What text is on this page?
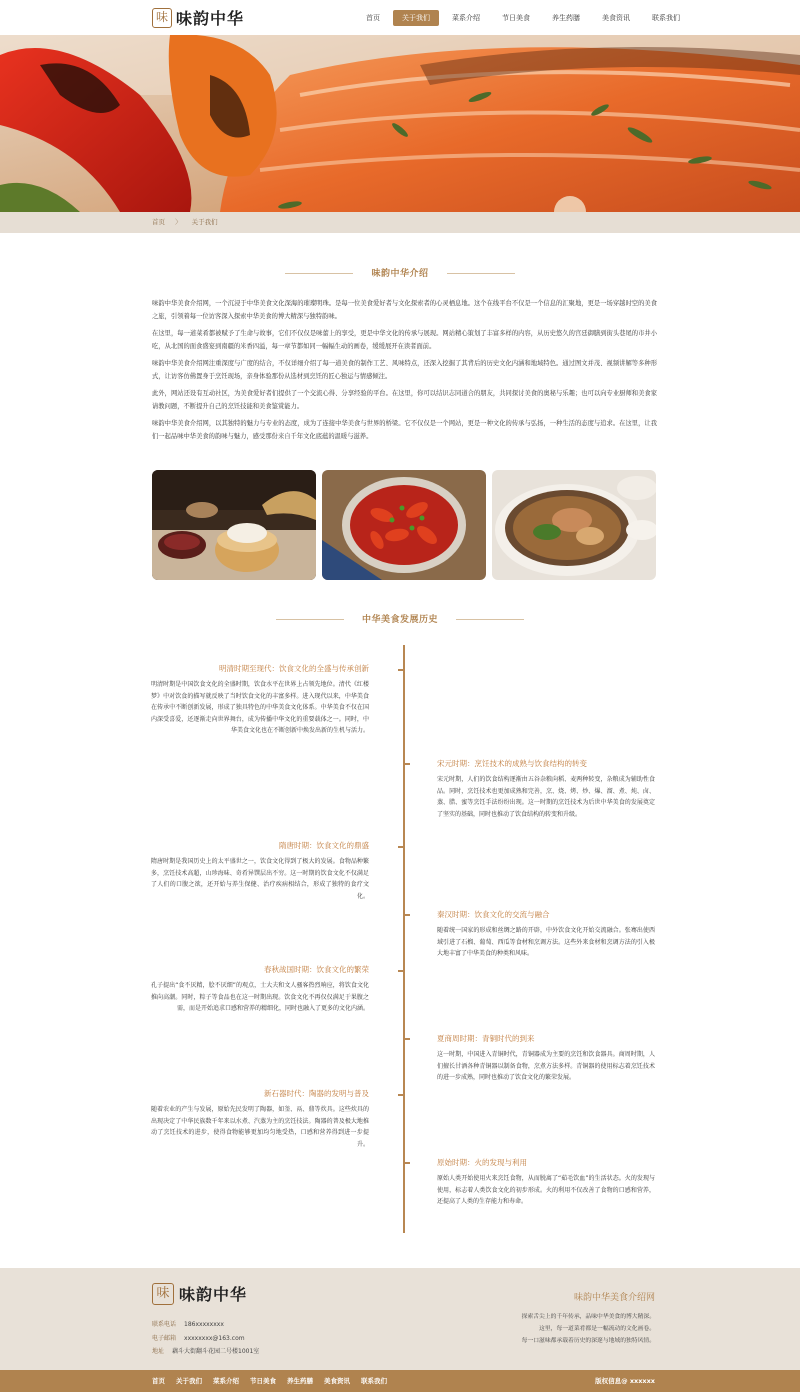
味 味韵中华	首页	关于我们	菜系介绍	节日美食	养生药膳	美食资讯	联系我们
首页 〉 关于我们
味韵中华介绍

味韵中华美食介绍网，一个沉浸于中华美食文化深海的璀璨明珠。是每一位美食爱好者与文化探索者的心灵栖息地。这个在线平台不仅是一个信息的汇聚地，更是一场穿越时空的美食之旅，引领着每一位访客深入探索中华美食的博大精深与独特韵味。

在这里，每一道菜肴都被赋予了生命与故事，它们不仅仅是味蕾上的享受，更是中华文化的传承与展现。网站精心策划了丰富多样的内容，从历史悠久的宫廷御膳到街头巷尾的市井小吃，从北国的面食盛宴到南疆的米香四溢，每一章节都如同一幅幅生动的画卷，缓缓展开在读者面前。

味韵中华美食介绍网注重深度与广度的结合，不仅详细介绍了每一道美食的制作工艺、风味特点，还深入挖掘了其背后的历史文化内涵和地域特色。通过图文并茂、视频讲解等多种形式，让访客仿佛置身于烹饪现场，亲身体验那份从选材到烹饪的匠心独运与情感倾注。

此外，网站还设有互动社区，为美食爱好者们提供了一个交流心得、分享经验的平台。在这里，你可以结识志同道合的朋友，共同探讨美食的奥秘与乐趣；也可以向专业厨师和美食家请教问题，不断提升自己的烹饪技能和美食鉴赏能力。

味韵中华美食介绍网，以其独特的魅力与专业的态度，成为了连接中华美食与世界的桥梁。它不仅仅是一个网站，更是一种文化的传承与弘扬，一种生活的态度与追求。在这里，让我们一起品味中华美食的韵味与魅力，感受那份来自千年文化底蕴的温暖与滋养。

中华美食发展历史
明清时期至现代：饮食文化的全盛与传承创新
明清时期是中国饮食文化的全盛时期，饮食水平在世界上占领先地位。清代《红楼梦》中对饮食的描写就反映了当时饮食文化的丰富多样。进入现代以来，中华美食在传承中不断创新发展，形成了独具特色的中华美食文化体系。中华美食不仅在国内深受喜爱，还逐渐走向世界舞台，成为传播中华文化的重要载体之一。同时，中华美食文化也在不断创新中焕发出新的生机与活力。
宋元时期：烹饪技术的成熟与饮食结构的转变
宋元时期，人们的饮食结构逐渐由五谷杂粮向稻、麦两种转变，杂粮成为辅助性食品。同时，烹饪技术也更加成熟和完善，烹、烧、烤、炒、爆、溜、煮、炖、卤、蒸、腊、蜜等烹饪手法纷纷出现。这一时期的烹饪技术为后世中华美食的发展奠定了坚实的基础，同时也推动了饮食结构的转变和升级。
隋唐时期：饮食文化的鼎盛
隋唐时期是我国历史上的太平盛世之一，饮食文化得到了极大的发展。食物品种繁多，烹饪技术高超，山珍海味、奇肴异馔层出不穷。这一时期的饮食文化不仅满足了人们的口腹之欲，还开始与养生保健、治疗疾病相结合，形成了独特的食疗文化。
秦汉时期：饮食文化的交流与融合
随着统一国家的形成和丝绸之路的开辟，中外饮食文化开始交流融合。张骞出使西域引进了石榴、葡萄、西瓜等食材和烹调方法。这些外来食材和烹调方法的引入极大地丰富了中华美食的种类和风味。
春秋战国时期：饮食文化的繁荣
孔子提出“食不厌精，脍不厌细”的观点，士大夫和文人骚客热烈响应，将饮食文化推向高潮。同时，粽子等食品也在这一时期出现。饮食文化不再仅仅满足于果腹之需，而是开始追求口感和营养的精细化，同时也融入了更多的文化内涵。
夏商周时期：青铜时代的到来
这一时期，中国进入青铜时代，青铜器成为主要的烹饪和饮食器具。商周时期，人们擅长甘酒各种青铜器以制备食物，烹煮方法多样。青铜器的使用标志着烹饪技术的进一步成熟，同时也推动了饮食文化的繁荣发展。
新石器时代：陶器的发明与普及
随着农业的产生与发展，原始先民发明了陶器，如釜、鬲、鼎等炊具。这些炊具的出现决定了中华民族数千年来以水煮、汽蒸为主的烹饪技法。陶器的普及极大地推动了烹饪技术的进步，使得食物能够更加均匀地受热，口感和营养得到进一步提升。
原始时期：火的发现与利用
原始人类开始使用火来烹饪食物，从而脱离了“茹毛饮血”的生活状态。火的发现与使用，标志着人类饮食文化的初步形成。火的利用不仅改善了食物的口感和营养，还提高了人类的生存能力和寿命。
味 味韵中华
联系电话 186xxxxxxxx
电子邮箱 xxxxxxxx@163.com
地址 藕斗大街翻斗花园二号楼1001室
味韵中华美食介绍网
探索舌尖上的千年传承，品味中华美食的博大精深。
这里，每一道菜肴都是一幅流动的文化画卷。
每一口滋味都承载着历史的深邃与地域的独特风情。
首页 关于我们 菜系介绍 节日美食 养生药膳 美食资讯 联系我们	版权信息@ xxxxxx
